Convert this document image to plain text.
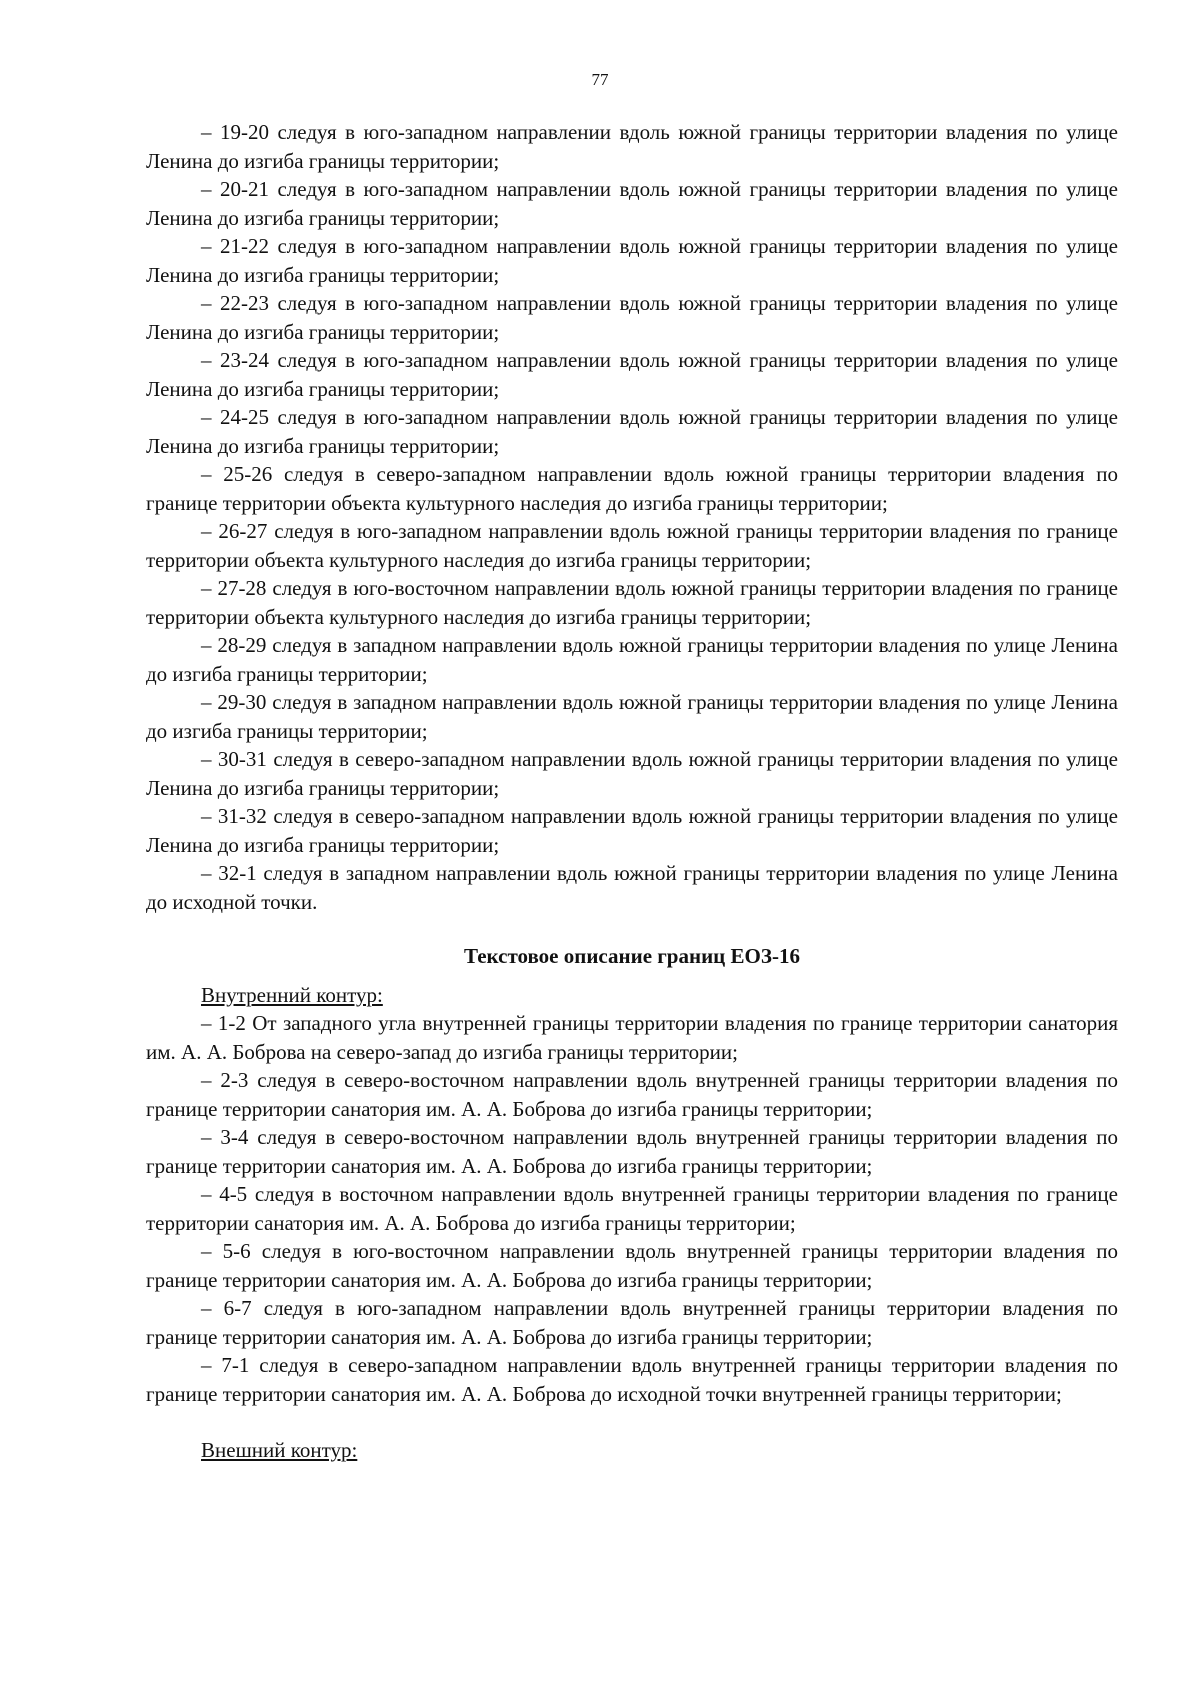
77

– 19-20 следуя в юго-западном направлении вдоль южной границы территории владения по улице Ленина до изгиба границы территории;

– 20-21 следуя в юго-западном направлении вдоль южной границы территории владения по улице Ленина до изгиба границы территории;

– 21-22 следуя в юго-западном направлении вдоль южной границы территории владения по улице Ленина до изгиба границы территории;

– 22-23 следуя в юго-западном направлении вдоль южной границы территории владения по улице Ленина до изгиба границы территории;

– 23-24 следуя в юго-западном направлении вдоль южной границы территории владения по улице Ленина до изгиба границы территории;

– 24-25 следуя в юго-западном направлении вдоль южной границы территории владения по улице Ленина до изгиба границы территории;

– 25-26 следуя в северо-западном направлении вдоль южной границы территории владения по границе территории объекта культурного наследия до изгиба границы территории;

– 26-27 следуя в юго-западном направлении вдоль южной границы территории владения по границе территории объекта культурного наследия до изгиба границы территории;

– 27-28 следуя в юго-восточном направлении вдоль южной границы территории владения по границе территории объекта культурного наследия до изгиба границы территории;

– 28-29 следуя в западном направлении вдоль южной границы территории владения по улице Ленина до изгиба границы территории;

– 29-30 следуя в западном направлении вдоль южной границы территории владения по улице Ленина до изгиба границы территории;

– 30-31 следуя в северо-западном направлении вдоль южной границы территории владения по улице Ленина до изгиба границы территории;

– 31-32 следуя в северо-западном направлении вдоль южной границы территории владения по улице Ленина до изгиба границы территории;

– 32-1 следуя в западном направлении вдоль южной границы территории владения по улице Ленина до исходной точки.

Текстовое описание границ ЕОЗ-16

Внутренний контур:

– 1-2 От западного угла внутренней границы территории владения по границе территории санатория им. А. А. Боброва на северо-запад до изгиба границы территории;

– 2-3 следуя в северо-восточном направлении вдоль внутренней границы территории владения по границе территории санатория им. А. А. Боброва до изгиба границы территории;

– 3-4 следуя в северо-восточном направлении вдоль внутренней границы территории владения по границе территории санатория им. А. А. Боброва до изгиба границы территории;

– 4-5 следуя в восточном направлении вдоль внутренней границы территории владения по границе территории санатория им. А. А. Боброва до изгиба границы территории;

– 5-6 следуя в юго-восточном направлении вдоль внутренней границы территории владения по границе территории санатория им. А. А. Боброва до изгиба границы территории;

– 6-7 следуя в юго-западном направлении вдоль внутренней границы территории владения по границе территории санатория им. А. А. Боброва до изгиба границы территории;

– 7-1 следуя в северо-западном направлении вдоль внутренней границы территории владения по границе территории санатория им. А. А. Боброва до исходной точки внутренней границы территории;

Внешний контур:
